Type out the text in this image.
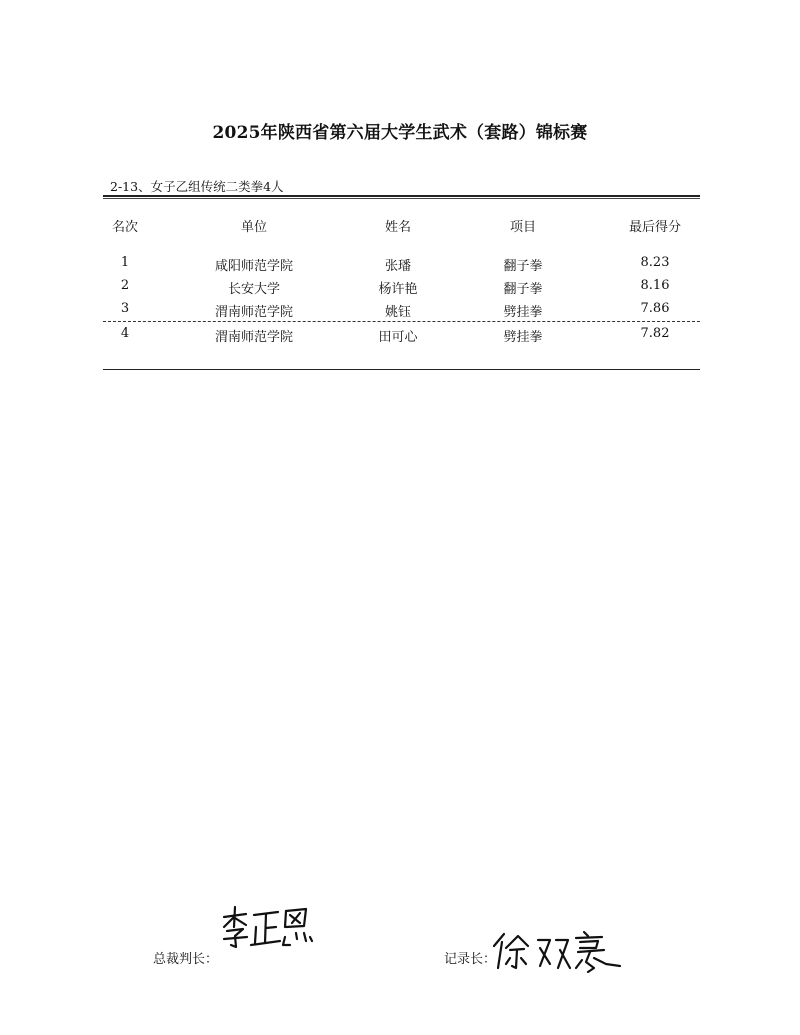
2025年陕西省第六届大学生武术（套路）锦标赛
2-13、女子乙组传统二类拳4人
名次	单位	姓名	项目	最后得分
1	咸阳师范学院	张璠	翻子拳	8.23
2	长安大学	杨许艳	翻子拳	8.16
3	渭南师范学院	姚钰	劈挂拳	7.86
4	渭南师范学院	田可心	劈挂拳	7.82
总裁判长：	记录长：
